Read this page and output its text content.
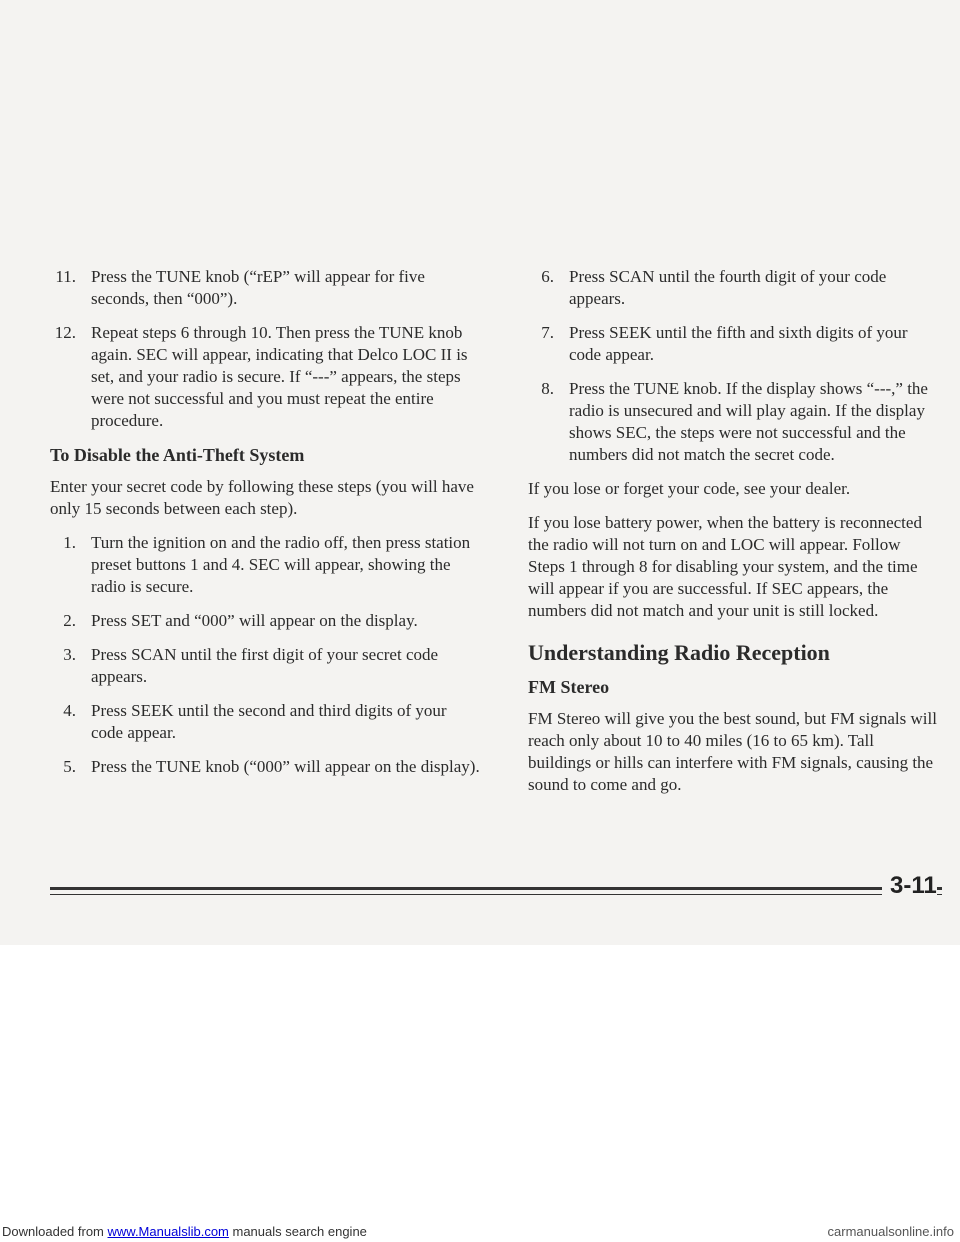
11. Press the TUNE knob (“rEP” will appear for five seconds, then “000”).
12. Repeat steps 6 through 10. Then press the TUNE knob again. SEC will appear, indicating that Delco LOC II is set, and your radio is secure. If “---” appears, the steps were not successful and you must repeat the entire procedure.
To Disable the Anti-Theft System

Enter your secret code by following these steps (you will have only 15 seconds between each step).

1. Turn the ignition on and the radio off, then press station preset buttons 1 and 4. SEC will appear, showing the radio is secure.
2. Press SET and “000” will appear on the display.
3. Press SCAN until the first digit of your secret code appears.
4. Press SEEK until the second and third digits of your code appear.
5. Press the TUNE knob (“000” will appear on the display).
6. Press SCAN until the fourth digit of your code appears.
7. Press SEEK until the fifth and sixth digits of your code appear.
8. Press the TUNE knob. If the display shows “---,” the radio is unsecured and will play again. If the display shows SEC, the steps were not successful and the numbers did not match the secret code.

If you lose or forget your code, see your dealer.

If you lose battery power, when the battery is reconnected the radio will not turn on and LOC will appear. Follow Steps 1 through 8 for disabling your system, and the time will appear if you are successful. If SEC appears, the numbers did not match and your unit is still locked.

Understanding Radio Reception
FM Stereo

FM Stereo will give you the best sound, but FM signals will reach only about 10 to 40 miles (16 to 65 km). Tall buildings or hills can interfere with FM signals, causing the sound to come and go.

3-11
Downloaded from www.Manualslib.com manuals search engine	carmanualsonline.info
